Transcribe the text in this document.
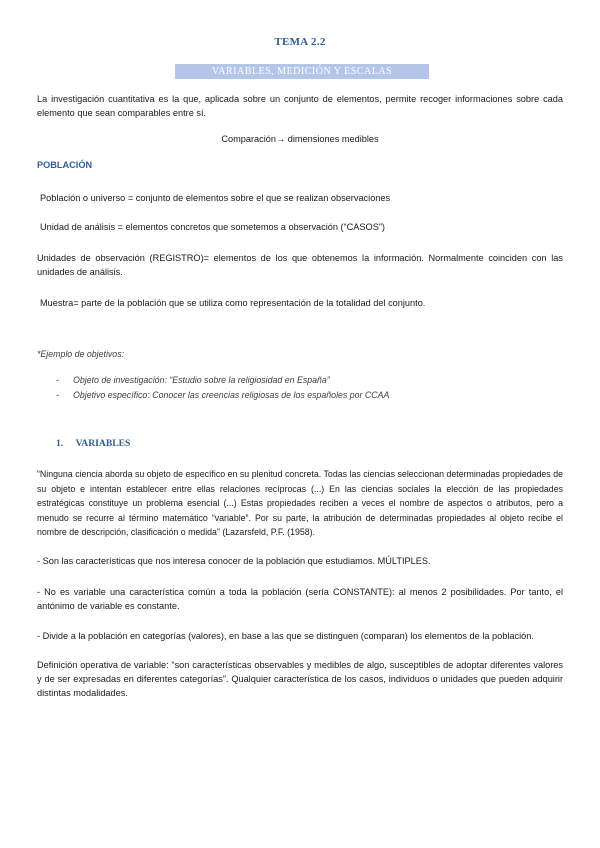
TEMA 2.2
VARIABLES, MEDICIÓN Y ESCALAS
La investigación cuantitativa es la que, aplicada sobre un conjunto de elementos, permite recoger informaciones sobre cada elemento que sean comparables entre sí.
Comparación→ dimensiones medibles
POBLACIÓN
Población o universo = conjunto de elementos sobre el que se realizan observaciones
Unidad de análisis = elementos concretos que sometemos a observación (“CASOS”)
Unidades de observación (REGISTRO)= elementos de los que obtenemos la información. Normalmente coinciden con las unidades de análisis.
Muestra= parte de la población que se utiliza como representación de la totalidad del conjunto.
*Ejemplo de objetivos:
- Objeto de investigación: “Estudio sobre la religiosidad en España”
- Objetivo específico: Conocer las creencias religiosas de los españoles por CCAA
1. VARIABLES
“Ninguna ciencia aborda su objeto de específico en su plenitud concreta. Todas las ciencias seleccionan determinadas propiedades de su objeto e intentan establecer entre ellas relaciones recíprocas (...) En las ciencias sociales la elección de las propiedades estratégicas constituye un problema esencial (...) Estas propiedades reciben a veces el nombre de aspectos o atributos, pero a menudo se recurre al término matemático “variable”. Por su parte, la atribución de determinadas propiedades al objeto recibe el nombre de descripción, clasificación o medida” (Lazarsfeld, P.F. (1958).
- Son las características que nos interesa conocer de la población que estudiamos. MÚLTIPLES.
- No es variable una característica común a toda la población (sería CONSTANTE): al menos 2 posibilidades. Por tanto, el antónimo de variable es constante.
- Divide a la población en categorías (valores), en base a las que se distinguen (comparan) los elementos de la población.
Definición operativa de variable: “son características observables y medibles de algo, susceptibles de adoptar diferentes valores y de ser expresadas en diferentes categorías”. Qualquier característica de los casos, individuos o unidades que pueden adquirir distintas modalidades.
